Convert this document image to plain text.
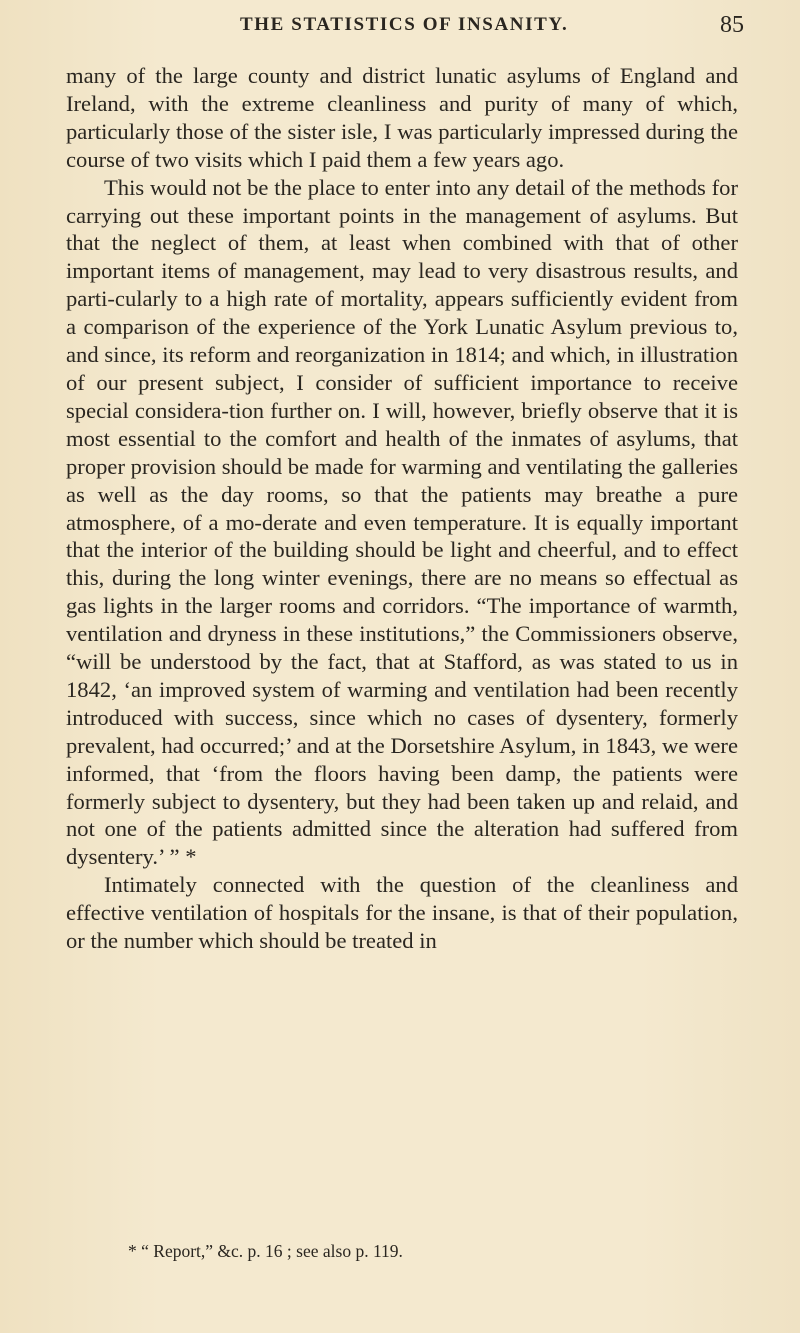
THE STATISTICS OF INSANITY.	85

many of the large county and district lunatic asylums of England and Ireland, with the extreme cleanliness and purity of many of which, particularly those of the sister isle, I was particularly impressed during the course of two visits which I paid them a few years ago.

This would not be the place to enter into any detail of the methods for carrying out these important points in the management of asylums. But that the neglect of them, at least when combined with that of other important items of management, may lead to very disastrous results, and parti-cularly to a high rate of mortality, appears sufficiently evident from a comparison of the experience of the York Lunatic Asylum previous to, and since, its reform and reorganization in 1814; and which, in illustration of our present subject, I consider of sufficient importance to receive special considera-tion further on. I will, however, briefly observe that it is most essential to the comfort and health of the inmates of asylums, that proper provision should be made for warming and ventilating the galleries as well as the day rooms, so that the patients may breathe a pure atmosphere, of a mo-derate and even temperature. It is equally important that the interior of the building should be light and cheerful, and to effect this, during the long winter evenings, there are no means so effectual as gas lights in the larger rooms and corridors. “The importance of warmth, ventilation and dryness in these institutions,” the Commissioners observe, “will be understood by the fact, that at Stafford, as was stated to us in 1842, ‘an improved system of warming and ventilation had been recently introduced with success, since which no cases of dysentery, formerly prevalent, had occurred;’ and at the Dorsetshire Asylum, in 1843, we were informed, that ‘from the floors having been damp, the patients were formerly subject to dysentery, but they had been taken up and relaid, and not one of the patients admitted since the alteration had suffered from dysentery.’ ” *

Intimately connected with the question of the cleanliness and effective ventilation of hospitals for the insane, is that of their population, or the number which should be treated in

* “ Report,” &c. p. 16 ; see also p. 119.
